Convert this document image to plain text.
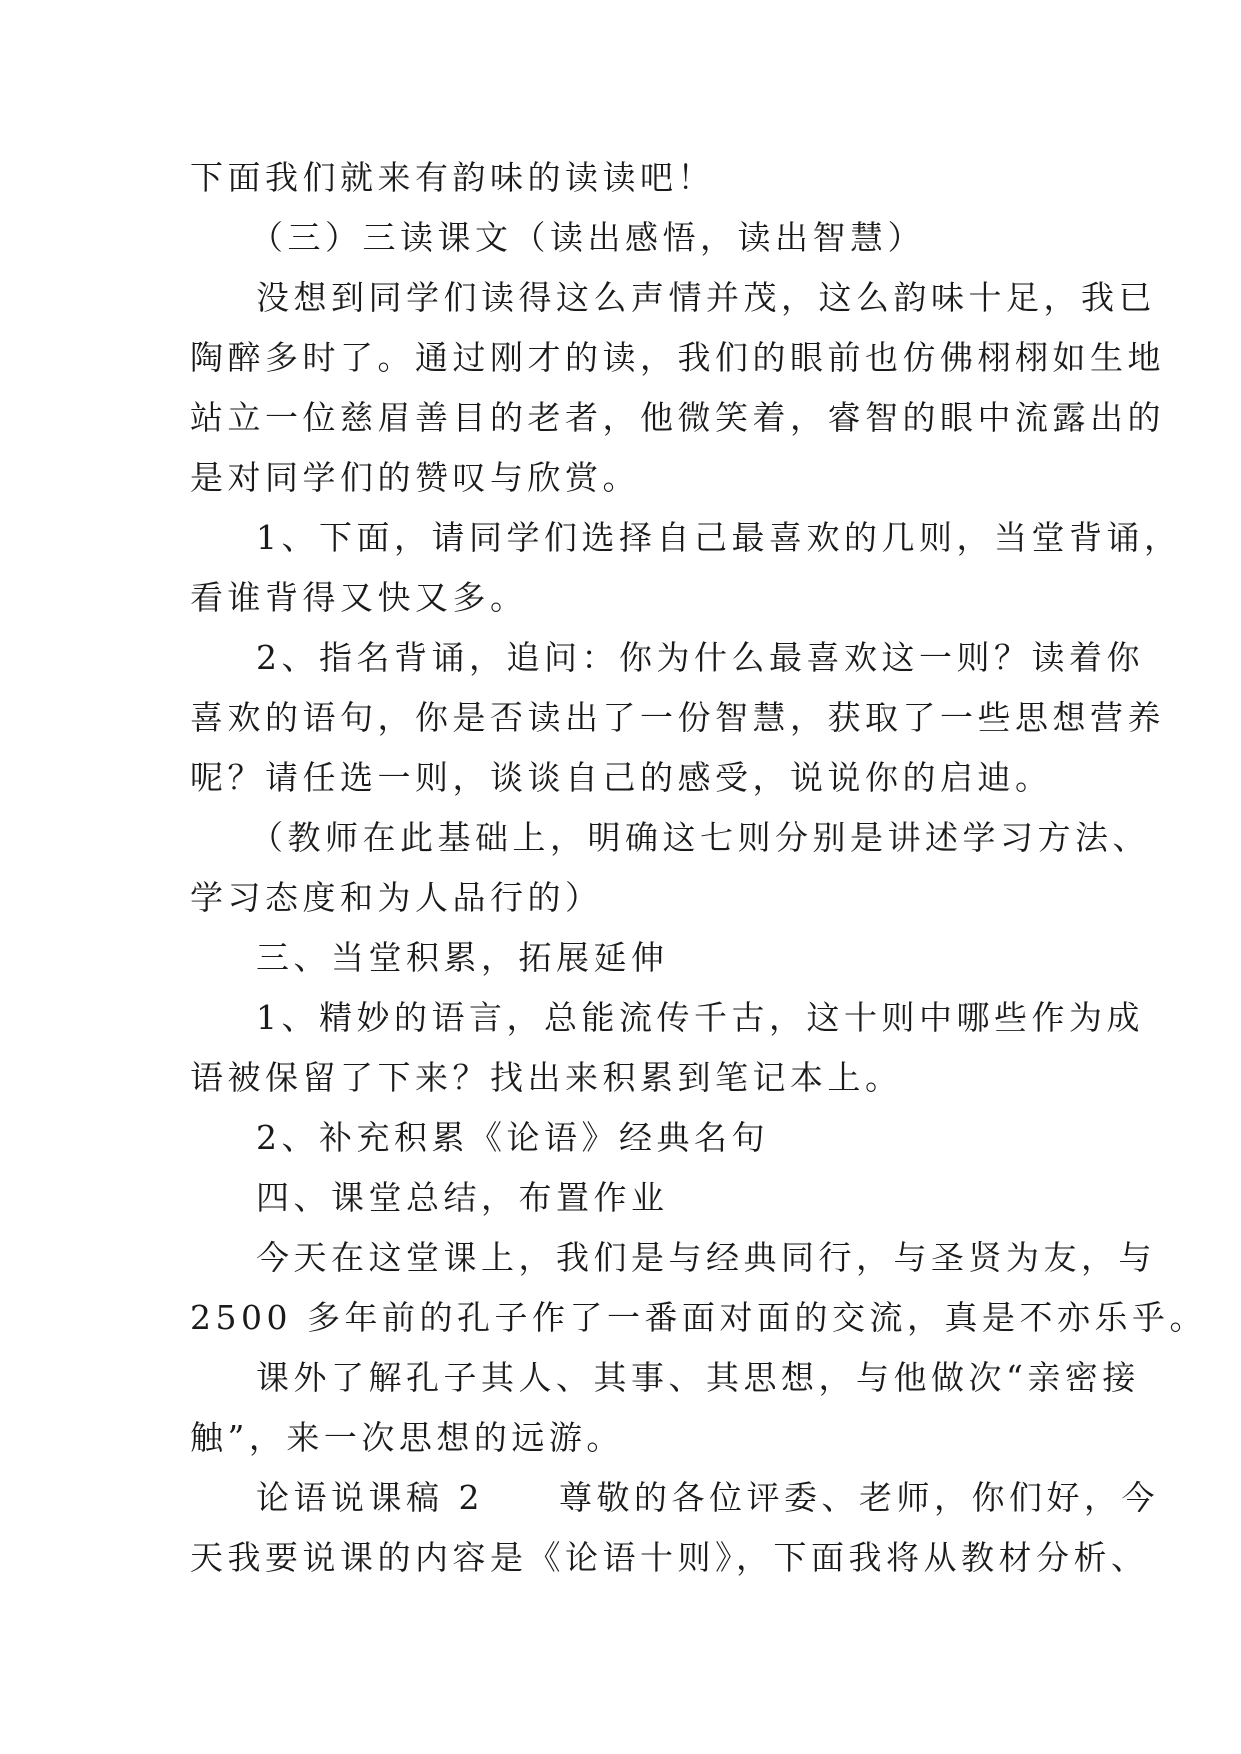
下面我们就来有韵味的读读吧！
（三）三读课文（读出感悟，读出智慧）
没想到同学们读得这么声情并茂，这么韵味十足，我已
陶醉多时了。通过刚才的读，我们的眼前也仿佛栩栩如生地
站立一位慈眉善目的老者，他微笑着，睿智的眼中流露出的
是对同学们的赞叹与欣赏。
1、下面，请同学们选择自己最喜欢的几则，当堂背诵，
看谁背得又快又多。
2、指名背诵，追问：你为什么最喜欢这一则？读着你
喜欢的语句，你是否读出了一份智慧，获取了一些思想营养
呢？请任选一则，谈谈自己的感受，说说你的启迪。
（教师在此基础上，明确这七则分别是讲述学习方法、
学习态度和为人品行的）
三、当堂积累，拓展延伸
1、精妙的语言，总能流传千古，这十则中哪些作为成
语被保留了下来？找出来积累到笔记本上。
2、补充积累《论语》经典名句
四、课堂总结，布置作业
今天在这堂课上，我们是与经典同行，与圣贤为友，与
2500 多年前的孔子作了一番面对面的交流，真是不亦乐乎。
课外了解孔子其人、其事、其思想，与他做次“亲密接
触”，来一次思想的远游。
论语说课稿 2　　尊敬的各位评委、老师，你们好，今
天我要说课的内容是《论语十则》，下面我将从教材分析、
